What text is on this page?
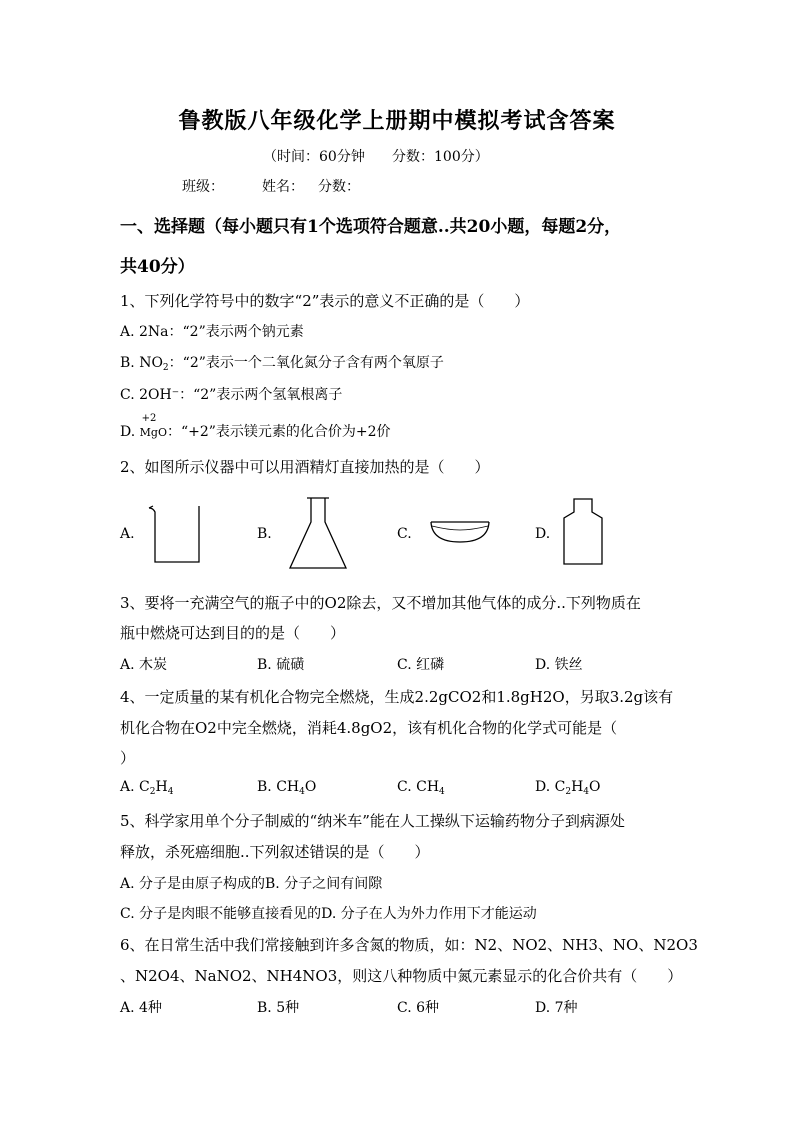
鲁教版八年级化学上册期中模拟考试含答案
（时间：60分钟 分数：100分）
班级：	姓名： 分数：
一、选择题（每小题只有1个选项符合题意..共20小题，每题2分，
共40分）
1、下列化学符号中的数字“2”表示的意义不正确的是（　　）
A. 2Na：“2”表示两个钠元素
B. $NO_2$：“2”表示一个二氧化氮分子含有两个氧原子
C. 2OH⁻：“2”表示两个氢氧根离子
D.
+2
MgO：“+2”表示镁元素的化合价为+2价
2、如图所示仪器中可以用酒精灯直接加热的是（　　）
A.	B.	C.	D.
3、要将一充满空气的瓶子中的O2除去，又不增加其他气体的成分..下列物质在
瓶中燃烧可达到目的的是（　　）
A. 木炭	B. 硫磺	C. 红磷	D. 铁丝
4、一定质量的某有机化合物完全燃烧，生成2.2gCO2和1.8gH2O，另取3.2g该有
机化合物在O2中完全燃烧，消耗4.8gO2，该有机化合物的化学式可能是（
）
A. $C_2H_4$	B. $CH_4O$	C. $CH_4$	D. $C_2H_4O$
5、科学家用单个分子制威的“纳米车”能在人工操纵下运输药物分子到病源处
释放，杀死癌细胞..下列叙述错误的是（　　）
A. 分子是由原子构成的B. 分子之间有间隙
C. 分子是肉眼不能够直接看见的D. 分子在人为外力作用下才能运动
6、在日常生活中我们常接触到许多含氮的物质，如：N2、NO2、NH3、NO、N2O3
、N2O4、NaNO2、NH4NO3，则这八种物质中氮元素显示的化合价共有（　　）
A. 4种	B. 5种	C. 6种	D. 7种
